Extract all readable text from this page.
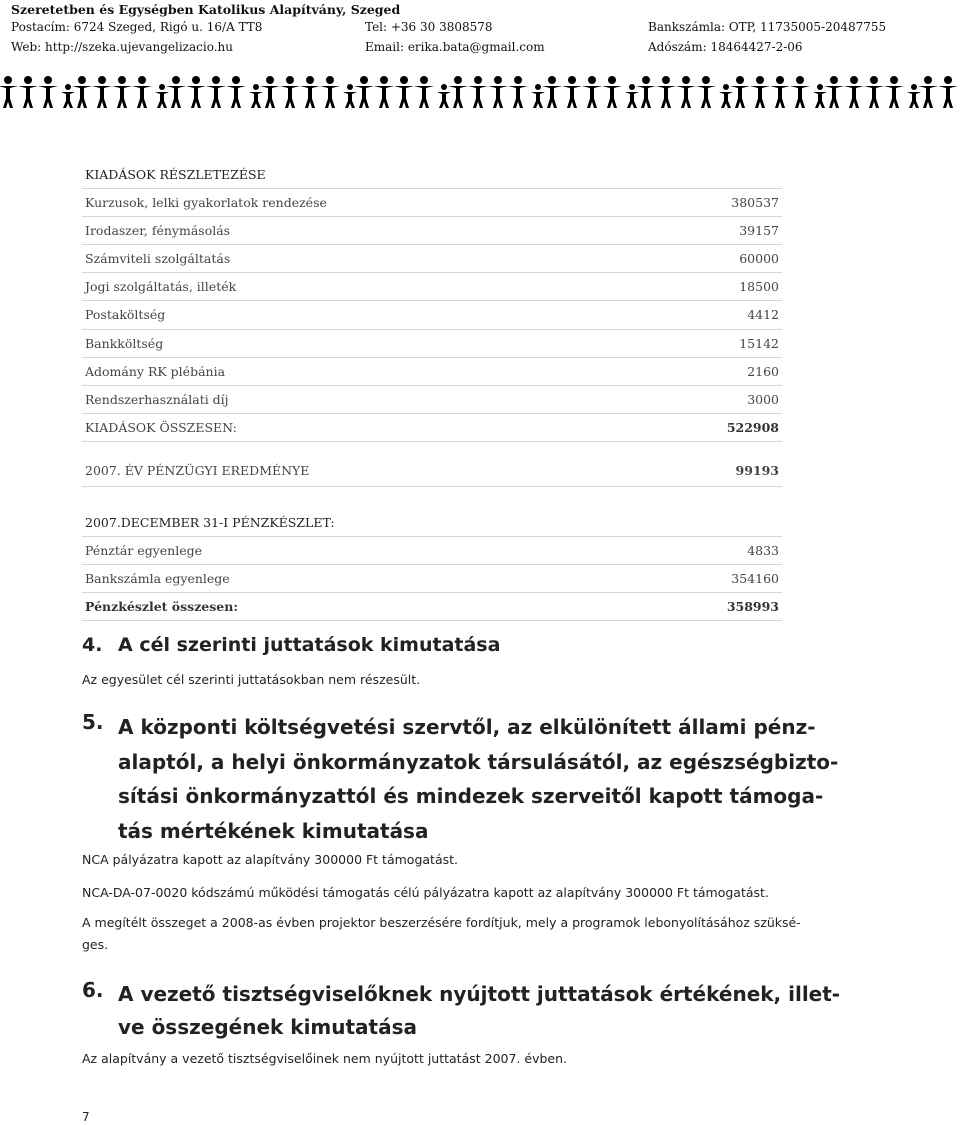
Szeretetben és Egységben Katolikus Alapítvány, Szeged
Postacím: 6724 Szeged, Rigó u. 16/A TT8	Tel: +36 30 3808578	Bankszámla: OTP, 11735005-20487755
Web: http://szeka.ujevangelizacio.hu	Email: erika.bata@gmail.com	Adószám: 18464427-2-06
KIADÁSOK RÉSZLETEZÉSE
Kurzusok, lelki gyakorlatok rendezése	380537
Irodaszer, fénymásolás	39157
Számviteli szolgáltatás	60000
Jogi szolgáltatás, illeték	18500
Postaköltség	4412
Bankköltség	15142
Adomány RK plébánia	2160
Rendszerhasználati díj	3000
KIADÁSOK ÖSSZESEN:	522908
2007. ÉV PÉNZÜGYI EREDMÉNYE	99193
2007.DECEMBER 31-I PÉNZKÉSZLET:
Pénztár egyenlege	4833
Bankszámla egyenlege	354160
Pénzkészlet összesen:	358993
4. A cél szerinti juttatások kimutatása
Az egyesület cél szerinti juttatásokban nem részesült.
5. A központi költségvetési szervtől, az elkülönített állami pénz-
alaptól, a helyi önkormányzatok társulásától, az egészségbizto-
sítási önkormányzattól és mindezek szerveitől kapott támoga-
tás mértékének kimutatása
NCA pályázatra kapott az alapítvány 300000 Ft támogatást.
NCA-DA-07-0020 kódszámú működési támogatás célú pályázatra kapott az alapítvány 300000 Ft támogatást.
A megítélt összeget a 2008-as évben projektor beszerzésére fordítjuk, mely a programok lebonyolításához szüksé-
ges.
6. A vezető tisztségviselőknek nyújtott juttatások értékének, illet-
ve összegének kimutatása
Az alapítvány a vezető tisztségviselőinek nem nyújtott juttatást 2007. évben.
7
